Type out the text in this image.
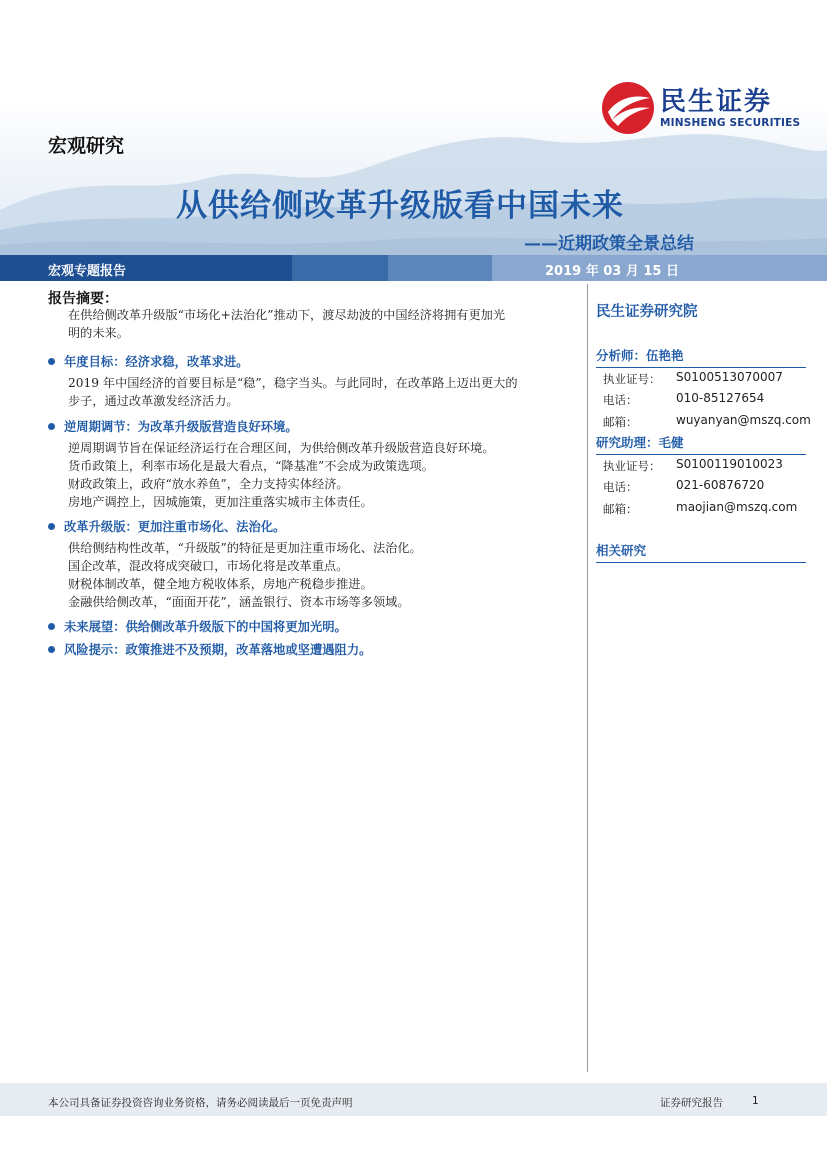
宏观研究
从供给侧改革升级版看中国未来
——近期政策全景总结
民生证券
MINSHENG SECURITIES
宏观专题报告	2019 年 03 月 15 日
报告摘要：
在供给侧改革升级版“市场化+法治化”推动下，渡尽劫波的中国经济将拥有更加光
明的未来。
年度目标：经济求稳，改革求进。
2019 年中国经济的首要目标是“稳”，稳字当头。与此同时，在改革路上迈出更大的
步子，通过改革激发经济活力。
逆周期调节：为改革升级版营造良好环境。
逆周期调节旨在保证经济运行在合理区间，为供给侧改革升级版营造良好环境。
货币政策上，利率市场化是最大看点，“降基准”不会成为政策选项。
财政政策上，政府“放水养鱼”，全力支持实体经济。
房地产调控上，因城施策，更加注重落实城市主体责任。
改革升级版：更加注重市场化、法治化。
供给侧结构性改革，“升级版”的特征是更加注重市场化、法治化。
国企改革，混改将成突破口，市场化将是改革重点。
财税体制改革，健全地方税收体系，房地产税稳步推进。
金融供给侧改革，“面面开花”，涵盖银行、资本市场等多领域。
未来展望：供给侧改革升级版下的中国将更加光明。
风险提示：政策推进不及预期，改革落地或坚遭遇阻力。
民生证券研究院
分析师：伍艳艳
执业证号： S0100513070007
电话：	010-85127654
邮箱：	wuyanyan@mszq.com
研究助理：毛健
执业证号： S0100119010023
电话：	021-60876720
邮箱：	maojian@mszq.com
相关研究
本公司具备证券投资咨询业务资格，请务必阅读最后一页免责声明	证券研究报告	1
